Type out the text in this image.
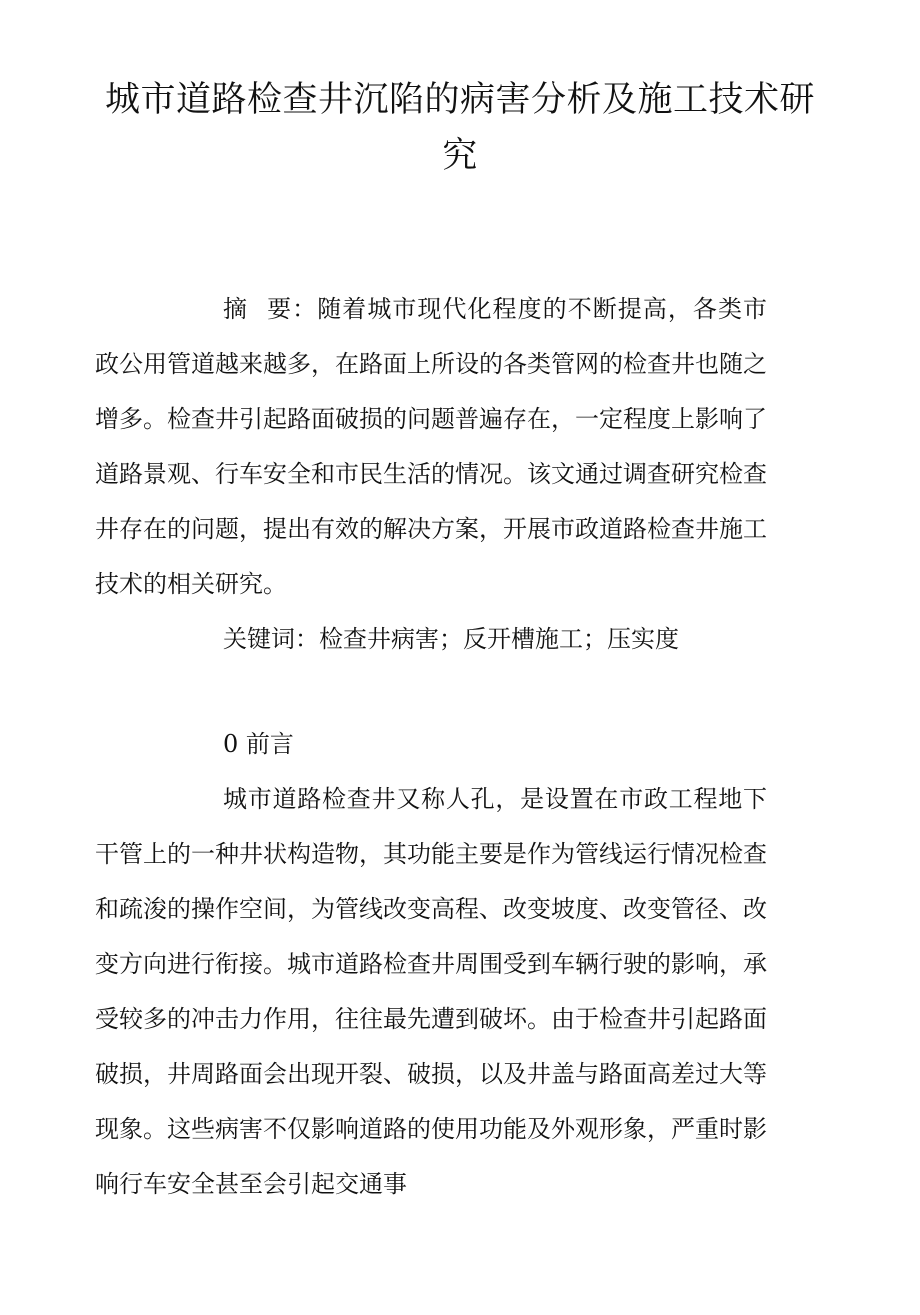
城市道路检查井沉陷的病害分析及施工技术研究

摘 要：随着城市现代化程度的不断提高，各类市政公用管道越来越多，在路面上所设的各类管网的检查井也随之增多。检查井引起路面破损的问题普遍存在，一定程度上影响了道路景观、行车安全和市民生活的情况。该文通过调查研究检查井存在的问题，提出有效的解决方案，开展市政道路检查井施工技术的相关研究。

关键词：检查井病害；反开槽施工；压实度

0 前言

城市道路检查井又称人孔，是设置在市政工程地下干管上的一种井状构造物，其功能主要是作为管线运行情况检查和疏浚的操作空间，为管线改变高程、改变坡度、改变管径、改变方向进行衔接。城市道路检查井周围受到车辆行驶的影响，承受较多的冲击力作用，往往最先遭到破坏。由于检查井引起路面破损，井周路面会出现开裂、破损，以及井盖与路面高差过大等现象。这些病害不仅影响道路的使用功能及外观形象，严重时影响行车安全甚至会引起交通事
